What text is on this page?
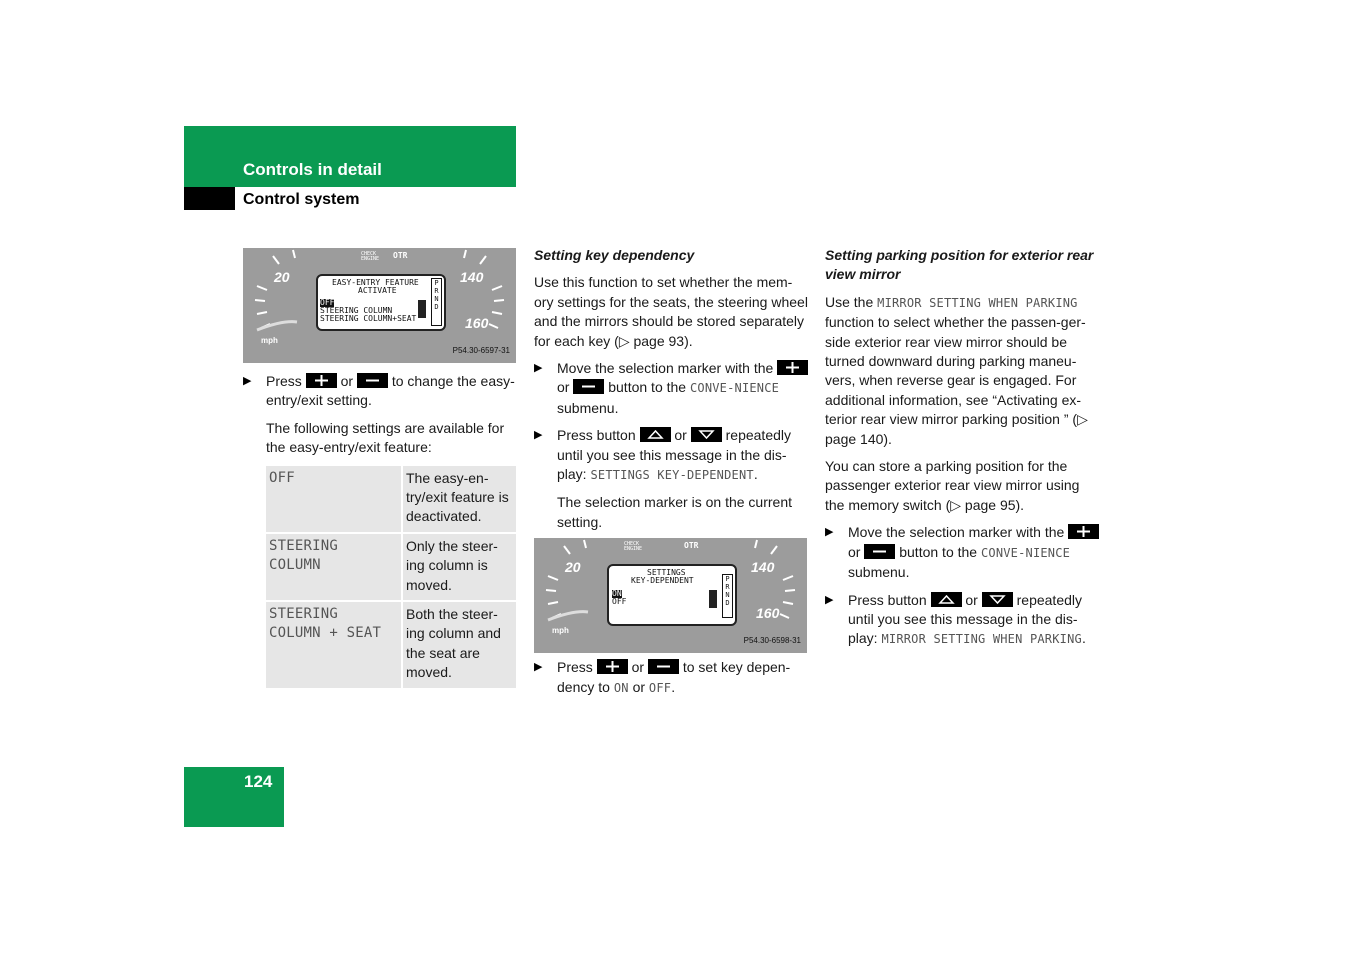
Controls in detail
Control system
20	140
160
mph
CHECK
ENGINE OTR
EASY-ENTRY FEATURE
ACTIVATE
OFF
STEERING COLUMN
STEERING COLUMN+SEAT
P
R
N
D
P54.30-6597-31
▶ Press	or	to change the easy-entry/exit setting.
The following settings are available for the easy-entry/exit feature:
OFF	The easy-en-try/exit feature is deactivated.
STEERING COLUMN	Only the steer-ing column is moved.
STEERING COLUMN + SEAT	Both the steer-ing column and the seat are moved.
Setting key dependency
Use this function to set whether the mem-ory settings for the seats, the steering wheel and the mirrors should be stored separately for each key (▷ page 93).
▶ Move the selection marker with the
or	button to the CONVE-NIENCE submenu.
▶ Press button	or	repeatedly until you see this message in the dis-play: SETTINGS KEY-DEPENDENT.
The selection marker is on the current setting.
20	140
160
mph
CHECK
ENGINE	OTR
SETTINGS
KEY-DEPENDENT
ON
OFF
P
R
N
D
P54.30-6598-31
▶ Press	or	to set key depen-dency to ON or OFF.
Setting parking position for exterior rear view mirror
Use the MIRROR SETTING WHEN PARKING function to select whether the passen-ger-side exterior rear view mirror should be turned downward during parking maneu-vers, when reverse gear is engaged. For additional information, see “Activating ex-terior rear view mirror parking position ” (▷ page 140).
You can store a parking position for the passenger exterior rear view mirror using the memory switch (▷ page 95).
▶ Move the selection marker with the
or	button to the CONVE-NIENCE submenu.
▶ Press button	or	repeatedly until you see this message in the dis-play: MIRROR SETTING WHEN PARKING.
124
